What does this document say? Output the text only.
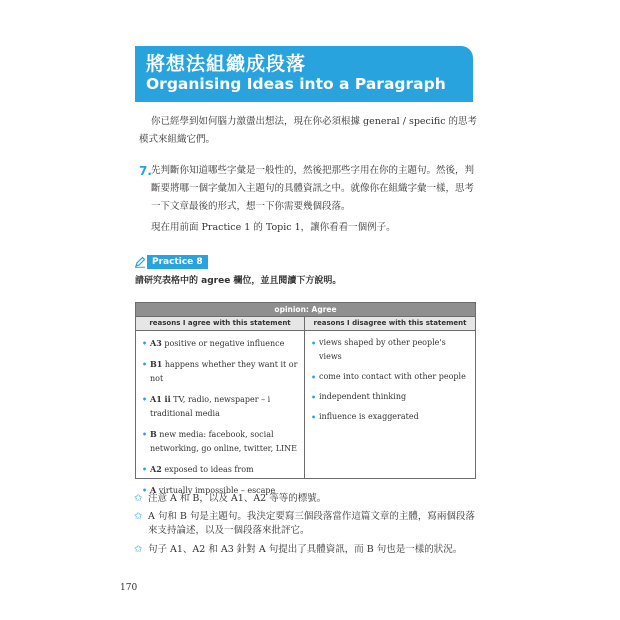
將想法組織成段落
Organising Ideas into a Paragraph
你已經學到如何腦力激盪出想法，現在你必須根據 general / specific 的思考模式來組織它們。
7. 先判斷你知道哪些字彙是一般性的，然後把那些字用在你的主題句。然後，判斷要將哪一個字彙加入主題句的具體資訊之中。就像你在組織字彙一樣，思考一下文章最後的形式，想一下你需要幾個段落。
現在用前面 Practice 1 的 Topic 1，讓你看看一個例子。
Practice 8
請研究表格中的 agree 欄位，並且閱讀下方說明。
opinion: Agree
reasons I agree with this statement	reasons I disagree with this statement
• A3 positive or negative influence
• B1 happens whether they want it or not
• A1 ii TV, radio, newspaper – i traditional media
• B new media: facebook, social networking, go online, twitter, LINE
• A2 exposed to ideas from
• A virtually impossible – escape
• views shaped by other people's views
• come into contact with other people
• independent thinking
• influence is exaggerated
✩ 注意 A 和 B，以及 A1、A2 等等的標號。
✩ A 句和 B 句是主題句。我決定要寫三個段落當作這篇文章的主體，寫兩個段落來支持論述，以及一個段落來批評它。
✩ 句子 A1、A2 和 A3 針對 A 句提出了具體資訊，而 B 句也是一樣的狀況。
170
